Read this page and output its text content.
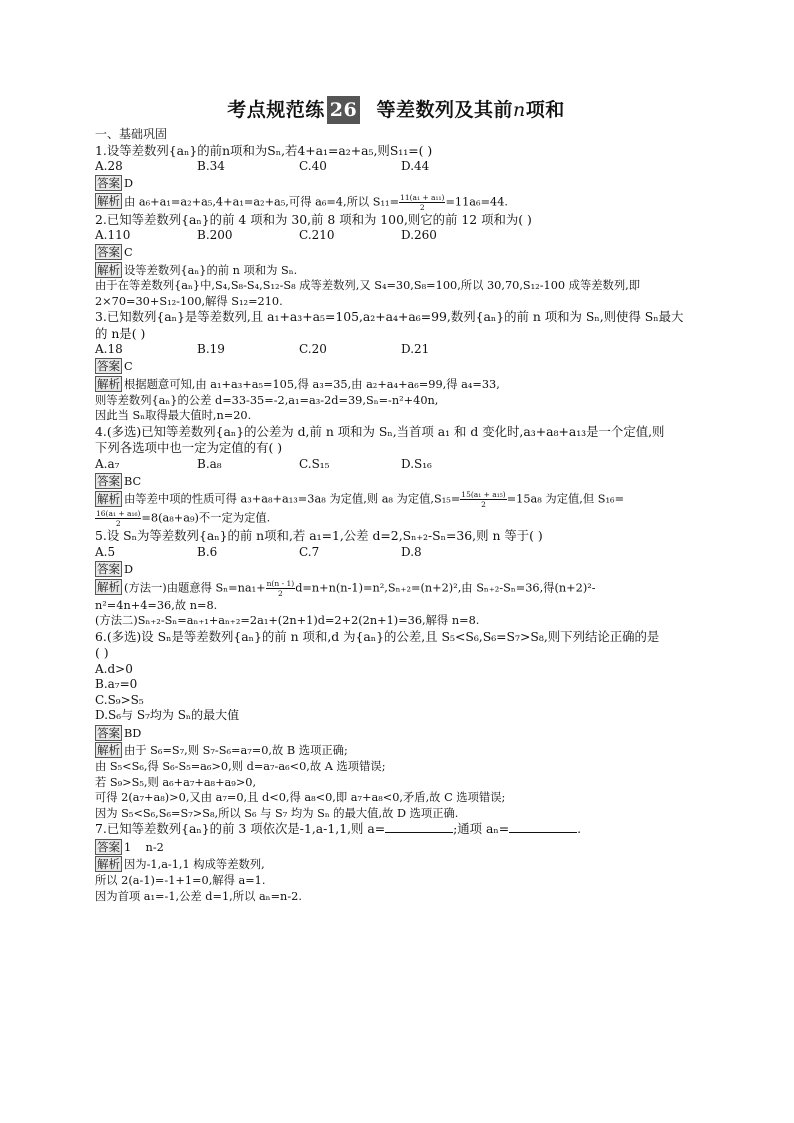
考点规范练 26 等差数列及其前n项和
一、基础巩固
1.设等差数列{aₙ}的前n项和为Sₙ,若4+a₁=a₂+a₅,则S₁₁=( )
A.28	B.34	C.40	D.44
答案 D
解析 由 a₆+a₁=a₂+a₅,4+a₁=a₂+a₅,可得 a₆=4,所以 $S_{11}= \frac{\text{11(a₁ + a₁₁)}}{2} =11a_6=44$.
2.已知等差数列{aₙ}的前 4 项和为 30,前 8 项和为 100,则它的前 12 项和为( )
A.110	B.200	C.210	D.260
答案 C
解析 设等差数列{aₙ}的前 n 项和为 Sₙ.
由于在等差数列{aₙ}中,S₄,S₈-S₄,S₁₂-S₈ 成等差数列,又 S₄=30,S₈=100,所以 30,70,S₁₂-100 成等差数列,即
2×70=30+S₁₂-100,解得 S₁₂=210.
3.已知数列{aₙ}是等差数列,且 a₁+a₃+a₅=105,a₂+a₄+a₆=99,数列{aₙ}的前 n 项和为 Sₙ,则使得 Sₙ最大
的 n是( )
A.18	B.19	C.20	D.21
答案 C
解析 根据题意可知,由 a₁+a₃+a₅=105,得 a₃=35,由 a₂+a₄+a₆=99,得 a₄=33,
则等差数列{aₙ}的公差 d=33-35=-2,a₁=a₃-2d=39,Sₙ=-n²+40n,
因此当 Sₙ取得最大值时,n=20.
4.(多选)已知等差数列{aₙ}的公差为 d,前 n 项和为 Sₙ,当首项 a₁ 和 d 变化时,a₃+a₈+a₁₃是一个定值,则
下列各选项中也一定为定值的有( )
A.a₇	B.a₈	C.S₁₅	D.S₁₆
答案 BC
解析 由等差中项的性质可得 a₃+a₈+a₁₃=3a₈ 为定值,则 a₈ 为定值$,S_{15}= \frac{\text{15(a₁ + a₁₅)}}{2} =15a_8$ 为定值,但 S₁₆=
$\frac{\text{16(a₁ + a₁₆)}}{2} =8(a_8+a_9)$不一定为定值.
5.设 Sₙ为等差数列{aₙ}的前 n项和,若 a₁=1,公差 d=2,Sₙ₊₂-Sₙ=36,则 n 等于( )
A.5	B.6	C.7	D.8
答案 D
解析 (方法一)由题意得 $S_n=na_1+ \frac{n(n - 1)}{2} d=n+n(n-1)=n^2,S_{n+2}=(n+2)^2$,由 Sₙ₊₂-Sₙ=36,得(n+2)²-
n²=4n+4=36,故 n=8.
(方法二)Sₙ₊₂-Sₙ=aₙ₊₁+aₙ₊₂=2a₁+(2n+1)d=2+2(2n+1)=36,解得 n=8.
6.(多选)设 Sₙ是等差数列{aₙ}的前 n 项和,d 为{aₙ}的公差,且 S₅<S₆,S₆=S₇>S₈,则下列结论正确的是
( )
A.d>0
B.a₇=0
C.S₉>S₅
D.S₆与 S₇均为 Sₙ的最大值
答案 BD
解析 由于 S₆=S₇,则 S₇-S₆=a₇=0,故 B 选项正确;
由 S₅<S₆,得 S₆-S₅=a₆>0,则 d=a₇-a₆<0,故 A 选项错误;
若 S₉>S₅,则 a₆+a₇+a₈+a₉>0,
可得 2(a₇+a₈)>0,又由 a₇=0,且 d<0,得 a₈<0,即 a₇+a₈<0,矛盾,故 C 选项错误;
因为 S₅<S₆,S₆=S₇>S₈,所以 S₆ 与 S₇ 均为 Sₙ 的最大值,故 D 选项正确.
7.已知等差数列{aₙ}的前 3 项依次是-1,a-1,1,则 a=	;通项 aₙ=	.
答案 1    n-2
解析 因为-1,a-1,1 构成等差数列,
所以 2(a-1)=-1+1=0,解得 a=1.
因为首项 a₁=-1,公差 d=1,所以 aₙ=n-2.
